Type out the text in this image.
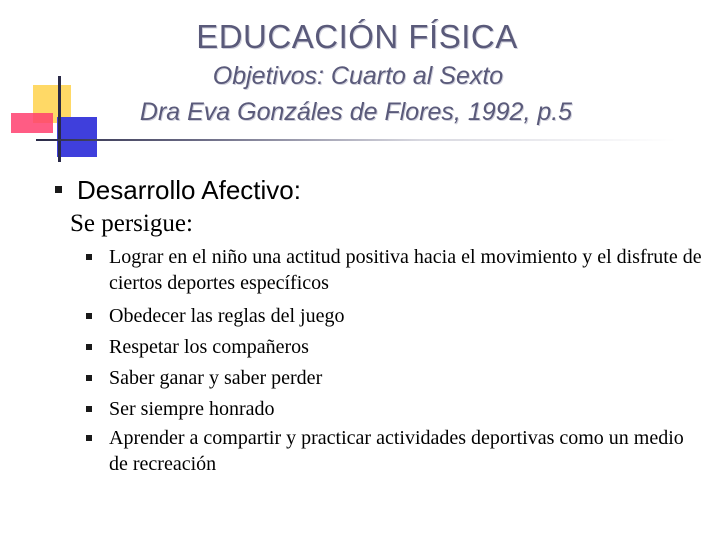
EDUCACIÓN FÍSICA
Objetivos: Cuarto al Sexto
Dra Eva Gonzáles de Flores, 1992, p.5
Desarrollo Afectivo:
Se persigue:
Lograr en el niño una actitud positiva hacia el movimiento y el disfrute de ciertos deportes específicos
Obedecer las reglas del juego
Respetar los compañeros
Saber ganar y saber perder
Ser siempre honrado
Aprender a compartir y practicar actividades deportivas como un medio de recreación
